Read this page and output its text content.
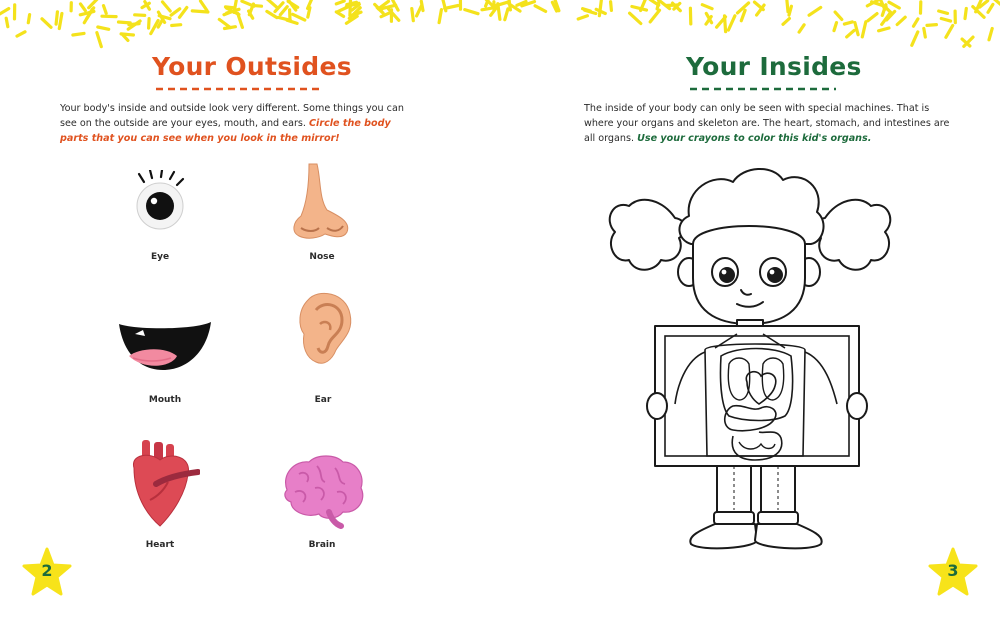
Your Outsides

Your body's inside and outside look very different. Some things you can see on the outside are your eyes, mouth, and ears. Circle the body parts that you can see when you look in the mirror!

Eye	Nose
Mouth	Ear
Heart	Brain
2
Your Insides

The inside of your body can only be seen with special machines. That is where your organs and skeleton are. The heart, stomach, and intestines are all organs. Use your crayons to color this kid's organs.

3
